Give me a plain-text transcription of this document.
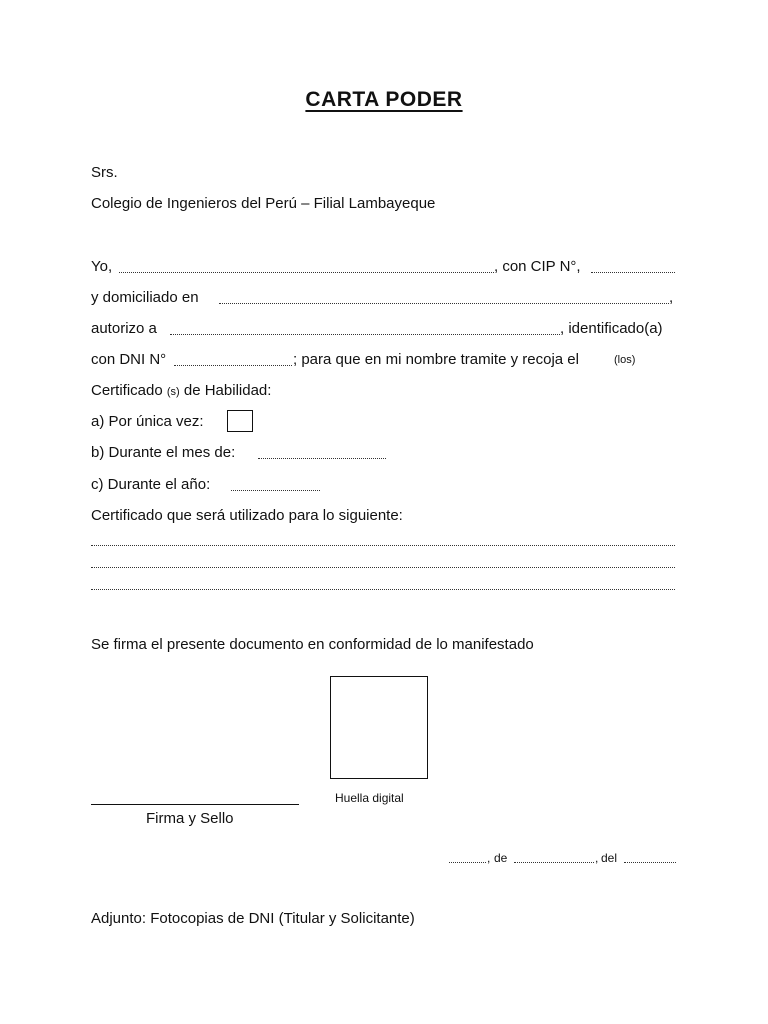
CARTA PODER
Srs.
Colegio de Ingenieros del Perú – Filial Lambayeque
Yo,	, con CIP N°,
y domiciliado en	,
autorizo a	, identificado(a)
con DNI N°	; para que en mi nombre tramite y recoja el	(los)
Certificado (s) de Habilidad:
a) Por única vez:
b) Durante el mes de:
c) Durante el año:
Certificado que será utilizado para lo siguiente:
Se firma el presente documento en conformidad de lo manifestado
Huella digital
Firma y Sello
, de	, del
Adjunto: Fotocopias de DNI (Titular y Solicitante)
